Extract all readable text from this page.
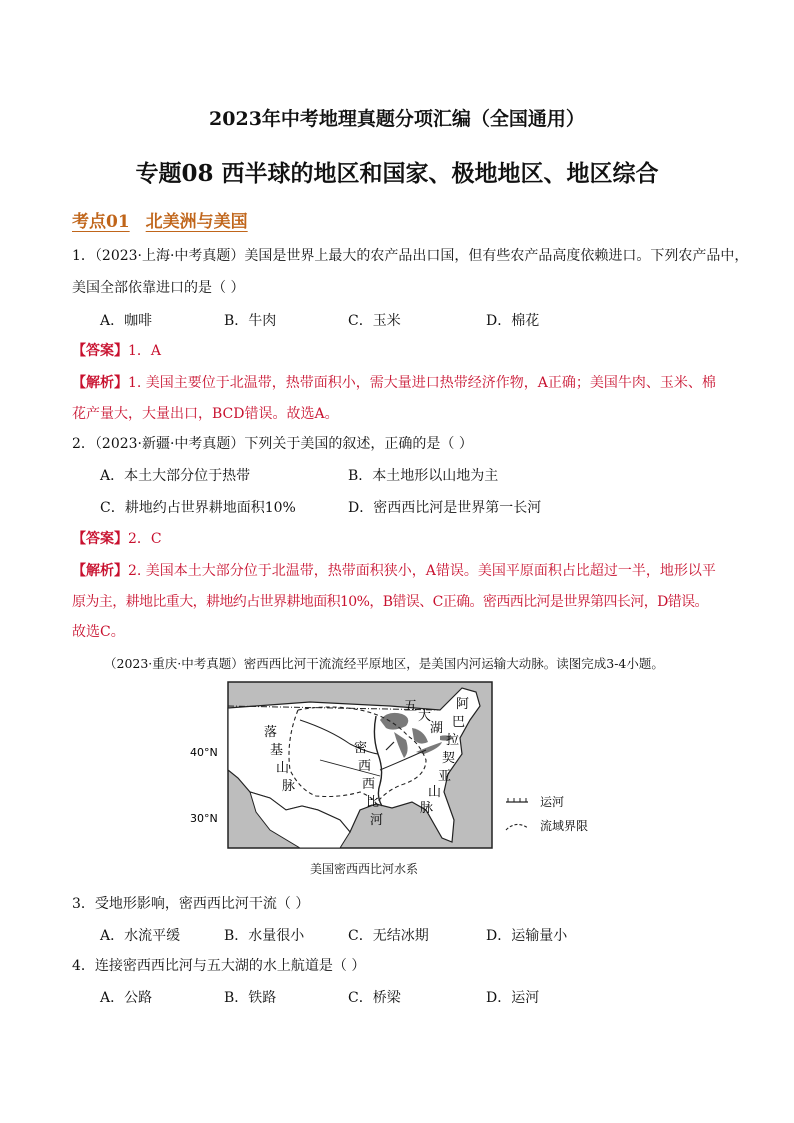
2023年中考地理真题分项汇编（全国通用）
专题08 西半球的地区和国家、极地地区、地区综合
考点01 北美洲与美国
1．（2023·上海·中考真题）美国是世界上最大的农产品出口国，但有些农产品高度依赖进口。下列农产品中，
美国全部依靠进口的是（ ）
A．咖啡	B．牛肉	C．玉米	D．棉花
【答案】1．A
【解析】1. 美国主要位于北温带，热带面积小，需大量进口热带经济作物，A正确；美国牛肉、玉米、棉
花产量大，大量出口，BCD错误。故选A。
2．（2023·新疆·中考真题）下列关于美国的叙述，正确的是（ ）
A．本土大部分位于热带	B．本土地形以山地为主
C．耕地约占世界耕地面积10%	D．密西西比河是世界第一长河
【答案】2．C
【解析】2. 美国本土大部分位于北温带，热带面积狭小，A错误。美国平原面积占比超过一半，地形以平
原为主，耕地比重大，耕地约占世界耕地面积10%，B错误、C正确。密西西比河是世界第四长河，D错误。
故选C。
（2023·重庆·中考真题）密西西比河干流流经平原地区，是美国内河运输大动脉。读图完成3-4小题。
落
基
山
脉
密
西
西
比
河
五
大
湖
阿
巴
拉
契
亚
山
脉
40°N
30°N
运河
流域界限
美国密西西比河水系
3．受地形影响，密西西比河干流（ ）
A．水流平缓	B．水量很小	C．无结冰期	D．运输量小
4．连接密西西比河与五大湖的水上航道是（ ）
A．公路	B．铁路	C．桥梁	D．运河
